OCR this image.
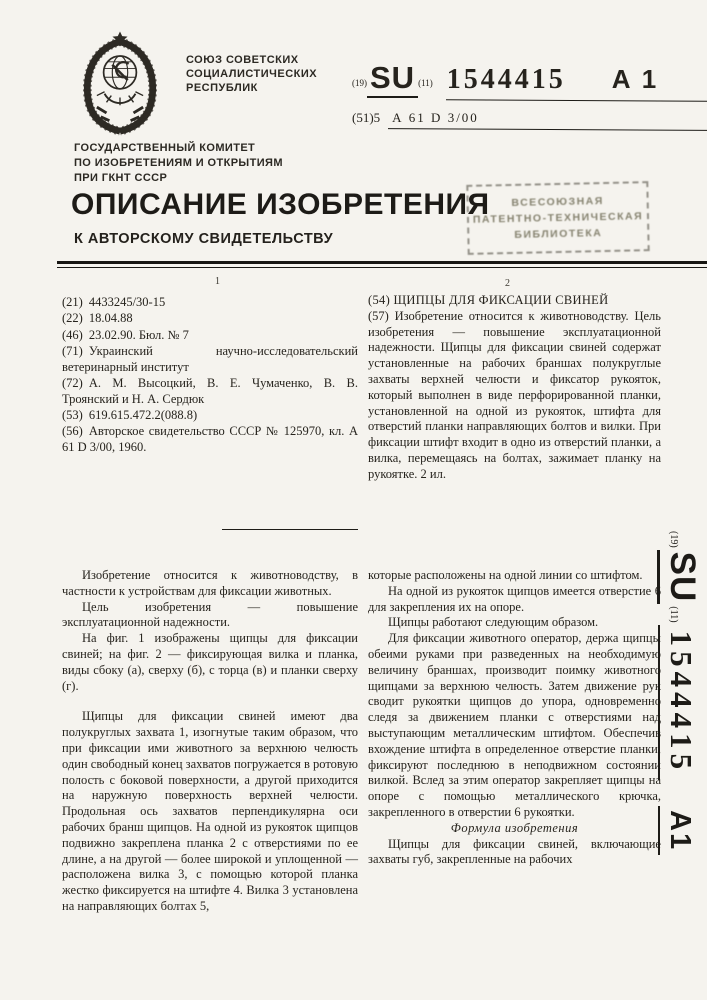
СОЮЗ СОВЕТСКИХ
СОЦИАЛИСТИЧЕСКИХ
РЕСПУБЛИК	(19)SU (11) 1544415 А 1
(51)5 А 61 D 3/00
ГОСУДАРСТВЕННЫЙ КОМИТЕТ
ПО ИЗОБРЕТЕНИЯМ И ОТКРЫТИЯМ
ПРИ ГКНТ СССР
ОПИСАНИЕ ИЗОБРЕТЕНИЯ
К АВТОРСКОМУ СВИДЕТЕЛЬСТВУ
ВСЕСОЮЗНАЯ
ПАТЕНТНО-ТЕХНИЧЕСКАЯ
БИБЛИОТЕКА
1	2

(21) 4433245/30-15

(22) 18.04.88

(46) 23.02.90. Бюл. № 7

(71) Украинский научно-исследовательский ветеринарный институт

(72) А. М. Высоцкий, В. Е. Чумаченко, В. В. Троянский и Н. А. Сердюк

(53) 619.615.472.2(088.8)

(56) Авторское свидетельство СССР № 125970, кл. А 61 D 3/00, 1960.

(54) ЩИПЦЫ ДЛЯ ФИКСАЦИИ СВИНЕЙ

(57) Изобретение относится к животноводству. Цель изобретения — повышение эксплуатационной надежности. Щипцы для фиксации свиней содержат установленные на рабочих браншах полукруглые захваты верхней челюсти и фиксатор рукояток, который выполнен в виде перфорированной планки, установленной на одной из рукояток, штифта для отверстий планки направляющих болтов и вилки. При фиксации штифт входит в одно из отверстий планки, а вилка, перемещаясь на болтах, зажимает планку на рукоятке. 2 ил.

Изобретение относится к животноводству, в частности к устройствам для фиксации животных.

Цель изобретения — повышение эксплуатационной надежности.

На фиг. 1 изображены щипцы для фиксации свиней; на фиг. 2 — фиксирующая вилка и планка, виды сбоку (а), сверху (б), с торца (в) и планки сверху (г).

Щипцы для фиксации свиней имеют два полукруглых захвата 1, изогнутые таким образом, что при фиксации ими животного за верхнюю челюсть один свободный конец захватов погружается в ротовую полость с боковой поверхности, а другой приходится на наружную поверхность верхней челюсти. Продольная ось захватов перпендикулярна оси рабочих бранш щипцов. На одной из рукояток щипцов подвижно закреплена планка 2 с отверстиями по ее длине, а на другой — более широкой и уплощенной — расположена вилка 3, с помощью которой планка жестко фиксируется на штифте 4. Вилка 3 установлена на направляющих болтах 5,

которые расположены на одной линии со штифтом.

На одной из рукояток щипцов имеется отверстие 6 для закрепления их на опоре.

Щипцы работают следующим образом.

Для фиксации животного оператор, держа щипцы обеими руками при разведенных на необходимую величину браншах, производит поимку животного щипцами за верхнюю челюсть. Затем движение рук сводит рукоятки щипцов до упора, одновременно следя за движением планки с отверстиями над выступающим металлическим штифтом. Обеспечив вхождение штифта в определенное отверстие планки, фиксируют последнюю в неподвижном состоянии вилкой. Вслед за этим оператор закрепляет щипцы на опоре с помощью металлического крючка, закрепленного в отверстии 6 рукоятки.

Формула изобретения

Щипцы для фиксации свиней, включающие захваты губ, закрепленные на рабочих

(19)
SU
(11)
1544415
А1
